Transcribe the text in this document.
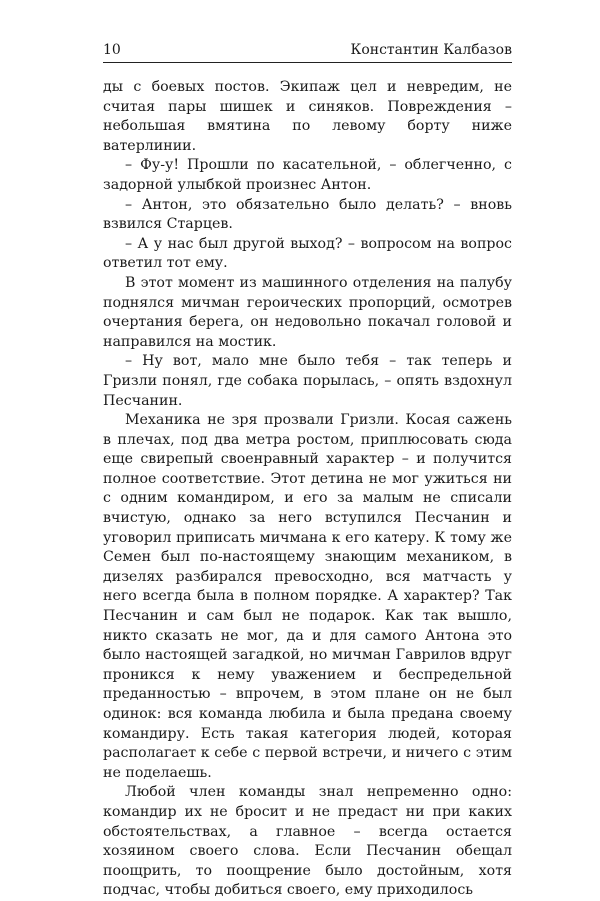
10	Константин Калбазов

ды с боевых постов. Экипаж цел и невредим, не считая пары шишек и синяков. Повреждения – небольшая вмятина по левому борту ниже ватерлинии.

– Фу-у! Прошли по касательной, – облегченно, с задорной улыбкой произнес Антон.

– Антон, это обязательно было делать? – вновь взвился Старцев.

– А у нас был другой выход? – вопросом на вопрос ответил тот ему.

В этот момент из машинного отделения на палубу поднялся мичман героических пропорций, осмотрев очертания берега, он недовольно покачал головой и направился на мостик.

– Ну вот, мало мне было тебя – так теперь и Гризли понял, где собака порылась, – опять вздохнул Песчанин.

Механика не зря прозвали Гризли. Косая сажень в плечах, под два метра ростом, приплюсовать сюда еще свирепый своенравный характер – и получится полное соответствие. Этот детина не мог ужиться ни с одним командиром, и его за малым не списали вчистую, однако за него вступился Песчанин и уговорил приписать мичмана к его катеру. К тому же Семен был по-настоящему знающим механиком, в дизелях разбирался превосходно, вся матчасть у него всегда была в полном порядке. А характер? Так Песчанин и сам был не подарок. Как так вышло, никто сказать не мог, да и для самого Антона это было настоящей загадкой, но мичман Гаврилов вдруг проникся к нему уважением и беспредельной преданностью – впрочем, в этом плане он не был одинок: вся команда любила и была предана своему командиру. Есть такая категория людей, которая располагает к себе с первой встречи, и ничего с этим не поделаешь.

Любой член команды знал непременно одно: командир их не бросит и не предаст ни при каких обстоятельствах, а главное – всегда остается хозяином своего слова. Если Песчанин обещал поощрить, то поощрение было достойным, хотя подчас, чтобы добиться своего, ему приходилось
